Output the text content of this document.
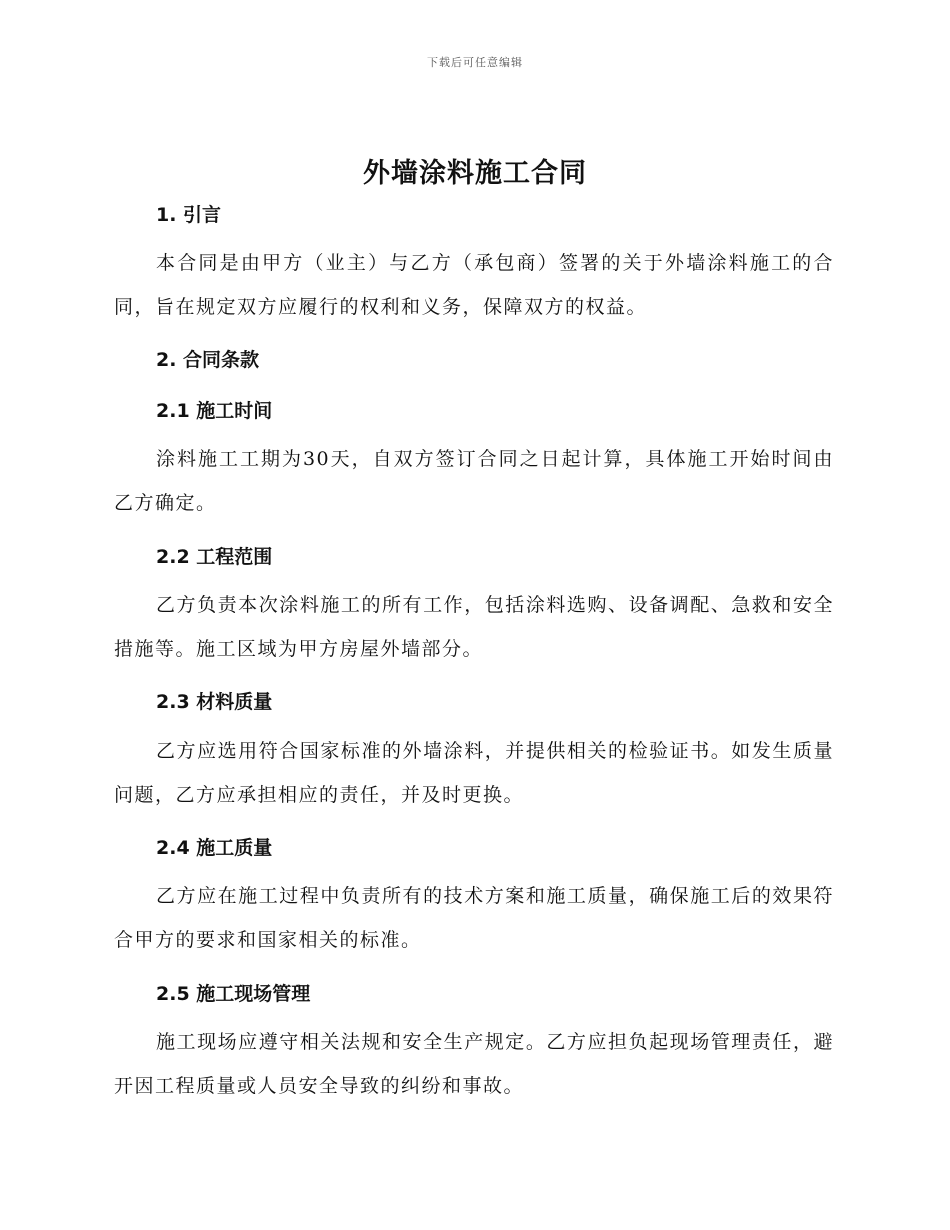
下载后可任意编辑
外墙涂料施工合同
1. 引言
本合同是由甲方（业主）与乙方（承包商）签署的关于外墙涂料施工的合同，旨在规定双方应履行的权利和义务，保障双方的权益。
2. 合同条款
2.1 施工时间
涂料施工工期为30天，自双方签订合同之日起计算，具体施工开始时间由乙方确定。
2.2 工程范围
乙方负责本次涂料施工的所有工作，包括涂料选购、设备调配、急救和安全措施等。施工区域为甲方房屋外墙部分。
2.3 材料质量
乙方应选用符合国家标准的外墙涂料，并提供相关的检验证书。如发生质量问题，乙方应承担相应的责任，并及时更换。
2.4 施工质量
乙方应在施工过程中负责所有的技术方案和施工质量，确保施工后的效果符合甲方的要求和国家相关的标准。
2.5 施工现场管理
施工现场应遵守相关法规和安全生产规定。乙方应担负起现场管理责任，避开因工程质量或人员安全导致的纠纷和事故。
